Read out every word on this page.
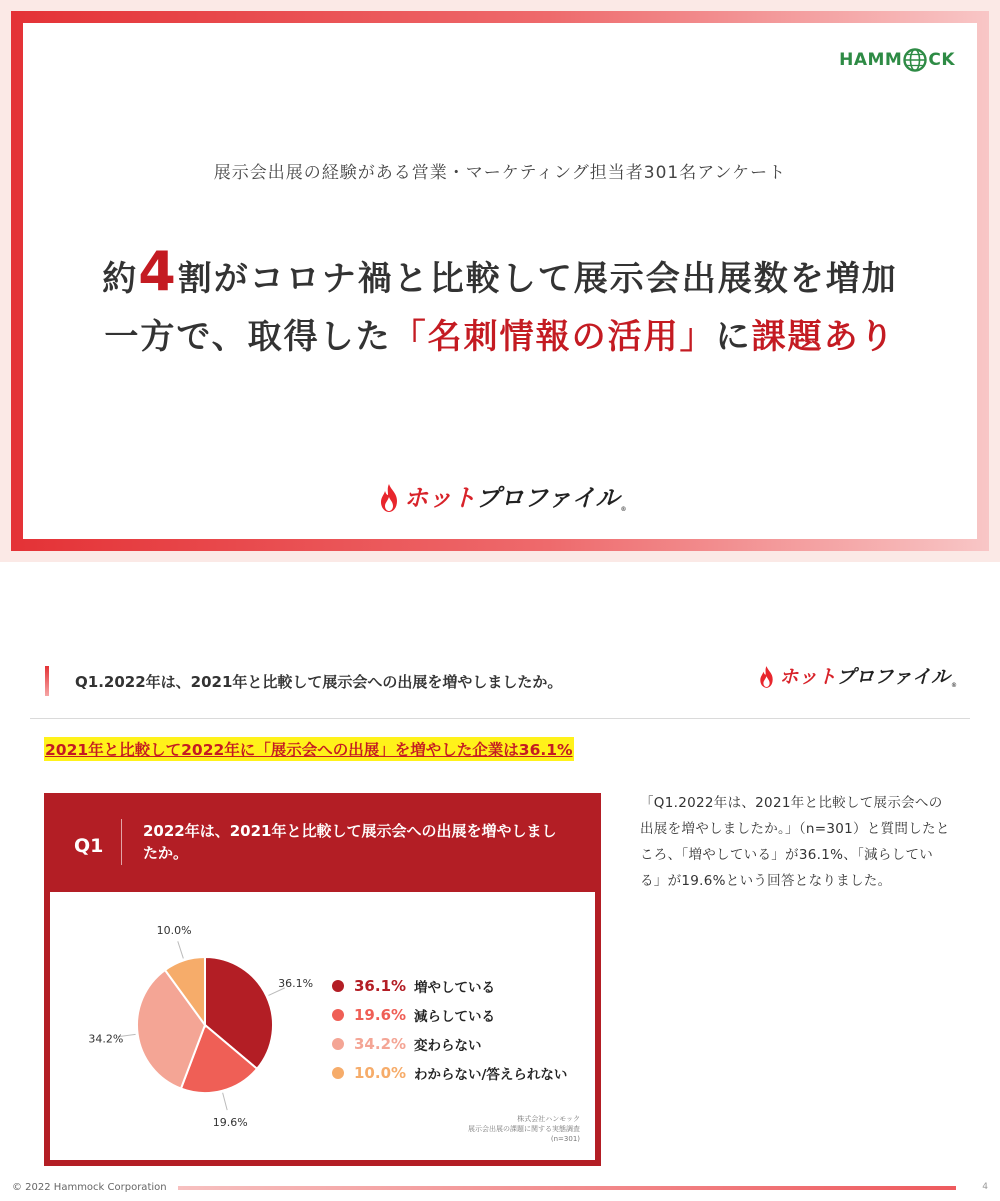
HAMM CK
展示会出展の経験がある営業・マーケティング担当者301名アンケート
約4割がコロナ禍と比較して展示会出展数を増加
一方で、取得した「名刺情報の活用」に課題あり
ホット プロファイル ®
Q1.2022年は、2021年と比較して展示会への出展を増やしましたか。	ホット プロファイル ®
2021年と比較して2022年に「展示会への出展」を増やした企業は36.1%
Q1
2022年は、2021年と比較して展示会への出展を増やしましたか。
36.1%
19.6%
34.2%
10.0%
36.1% 増やしている
19.6% 減らしている
34.2% 変わらない
10.0% わからない/答えられない
株式会社ハンモック
展示会出展の課題に関する実態調査
(n=301)
「Q1.2022年は、2021年と比較して展示会への出展を増やしましたか。」（n=301）と質問したところ、「増やしている」が36.1%、「減らしている」が19.6%という回答となりました。
© 2022 Hammock Corporation	4
